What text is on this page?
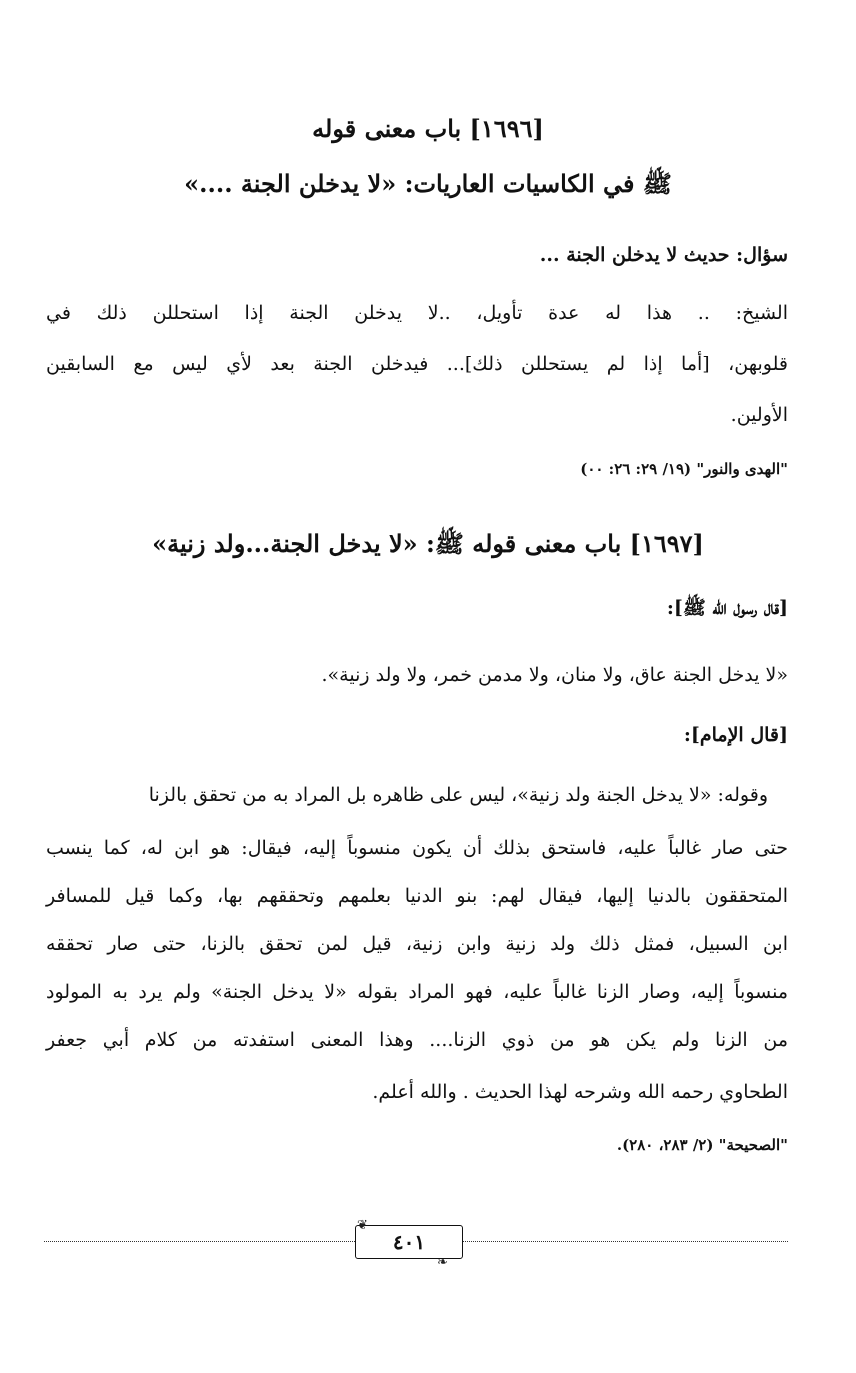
[١٦٩٦] باب معنى قوله
ﷺ في الكاسيات العاريات: «لا يدخلن الجنة ....»
سؤال: حديث لا يدخلن الجنة ...
الشيخ: .. هذا له عدة تأويل، ..لا يدخلن الجنة إذا استحللن ذلك في
قلوبهن، [أما إذا لم يستحللن ذلك]... فيدخلن الجنة بعد لأي ليس مع السابقين
الأولين.
"الهدى والنور" (١٩/ ٢٩: ٢٦: ٠٠)
[١٦٩٧] باب معنى قوله ﷺ: «لا يدخل الجنة...ولد زنية»
[قال رسول الله ﷺ]:
«لا يدخل الجنة عاق، ولا منان، ولا مدمن خمر، ولا ولد زنية».
[قال الإمام]:
وقوله: «لا يدخل الجنة ولد زنية»، ليس على ظاهره بل المراد به من تحقق بالزنا
حتى صار غالباً عليه، فاستحق بذلك أن يكون منسوباً إليه، فيقال: هو ابن له، كما ينسب
المتحققون بالدنيا إليها، فيقال لهم: بنو الدنيا بعلمهم وتحققهم بها، وكما قيل للمسافر
ابن السبيل، فمثل ذلك ولد زنية وابن زنية، قيل لمن تحقق بالزنا، حتى صار تحققه
منسوباً إليه، وصار الزنا غالباً عليه، فهو المراد بقوله «لا يدخل الجنة» ولم يرد به المولود
من الزنا ولم يكن هو من ذوي الزنا.... وهذا المعنى استفدته من كلام أبي جعفر
الطحاوي رحمه الله وشرحه لهذا الحديث . والله أعلم.
"الصحيحة" (٢/ ٢٨٣، ٢٨٠).
٤٠١
❦
❧
